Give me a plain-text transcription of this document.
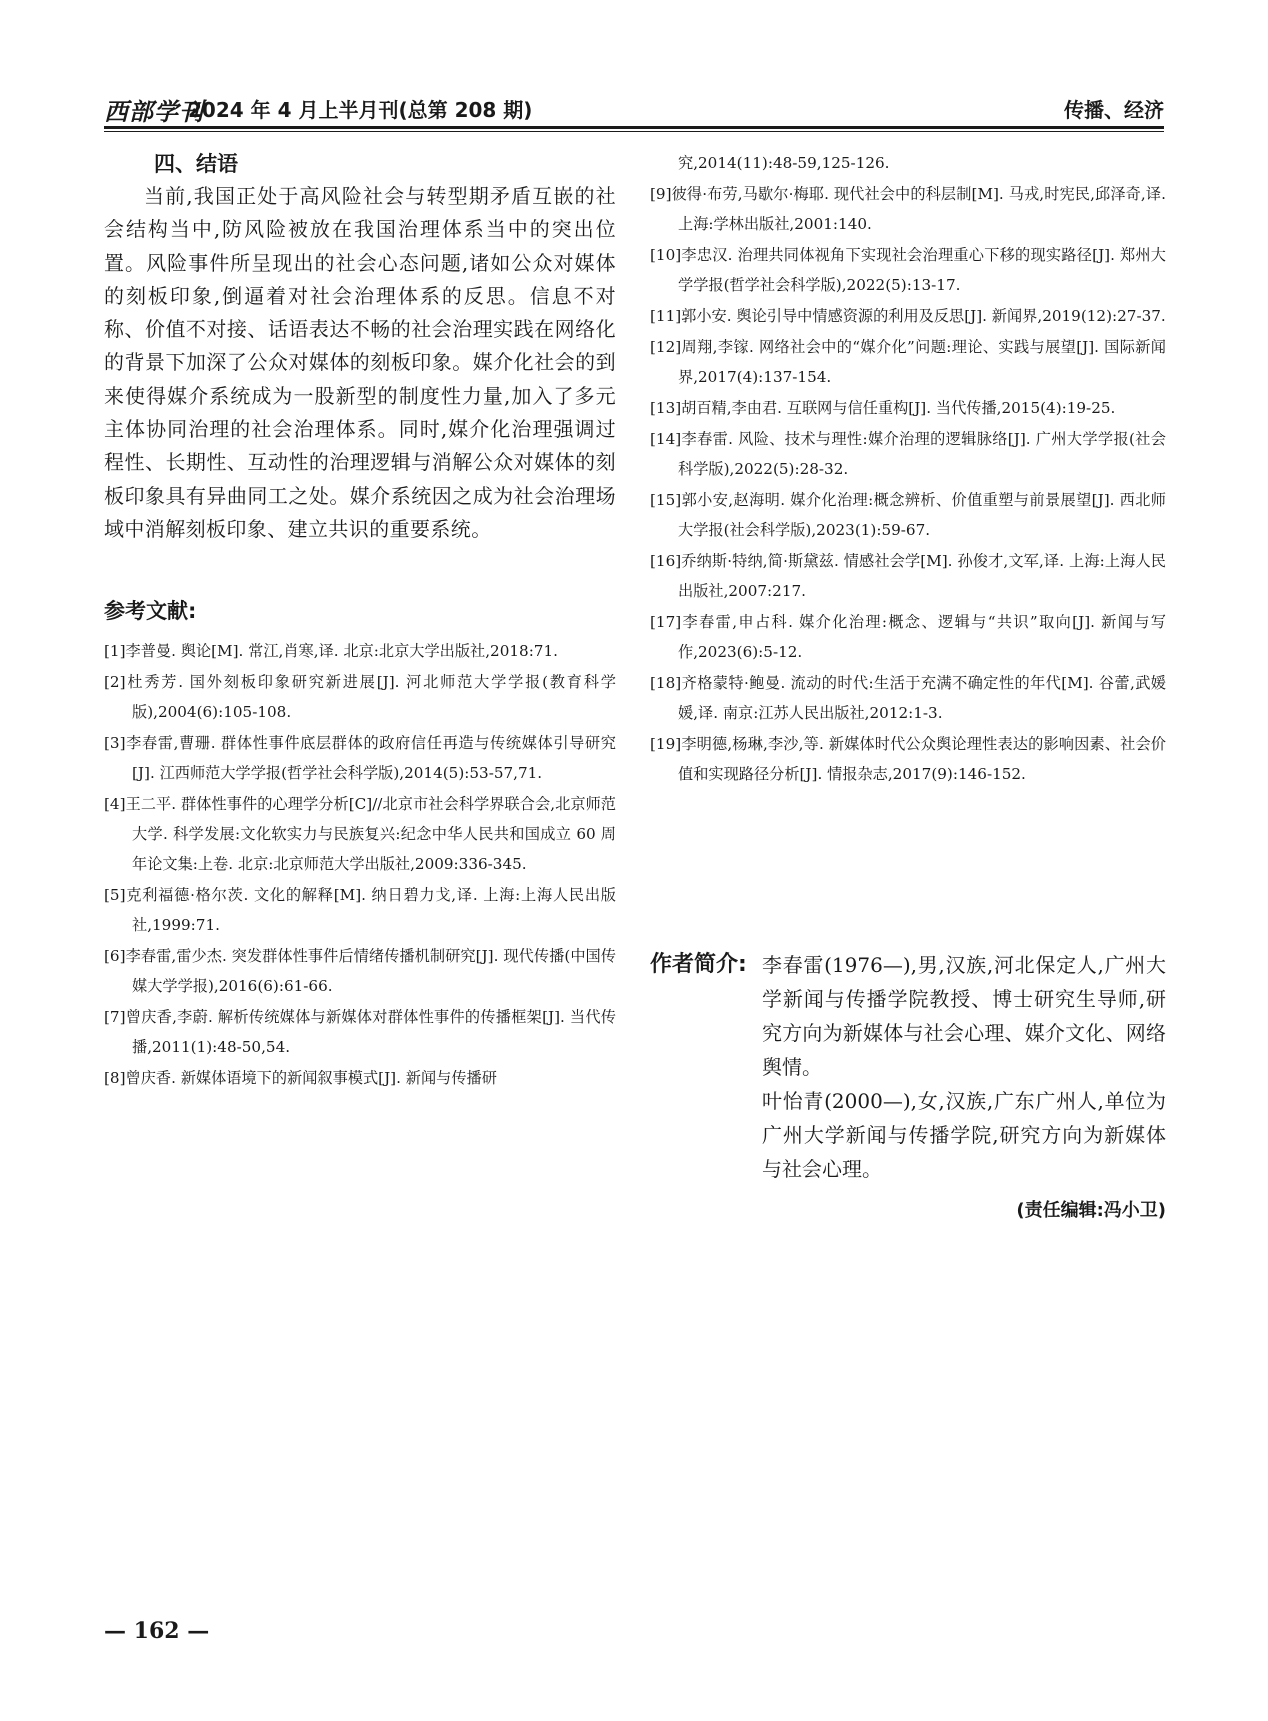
西部学刊
2024 年 4 月上半月刊(总第 208 期)	传播、经济
四、结语

当前,我国正处于高风险社会与转型期矛盾互嵌的社会结构当中,防风险被放在我国治理体系当中的突出位置。风险事件所呈现出的社会心态问题,诸如公众对媒体的刻板印象,倒逼着对社会治理体系的反思。信息不对称、价值不对接、话语表达不畅的社会治理实践在网络化的背景下加深了公众对媒体的刻板印象。媒介化社会的到来使得媒介系统成为一股新型的制度性力量,加入了多元主体协同治理的社会治理体系。同时,媒介化治理强调过程性、长期性、互动性的治理逻辑与消解公众对媒体的刻板印象具有异曲同工之处。媒介系统因之成为社会治理场域中消解刻板印象、建立共识的重要系统。

参考文献:

[1]李普曼. 舆论[M]. 常江,肖寒,译. 北京:北京大学出版社,2018:71.

[2]杜秀芳. 国外刻板印象研究新进展[J]. 河北师范大学学报(教育科学版),2004(6):105-108.

[3]李春雷,曹珊. 群体性事件底层群体的政府信任再造与传统媒体引导研究[J]. 江西师范大学学报(哲学社会科学版),2014(5):53-57,71.

[4]王二平. 群体性事件的心理学分析[C]//北京市社会科学界联合会,北京师范大学. 科学发展:文化软实力与民族复兴:纪念中华人民共和国成立 60 周年论文集:上卷. 北京:北京师范大学出版社,2009:336-345.

[5]克利福德·格尔茨. 文化的解释[M]. 纳日碧力戈,译. 上海:上海人民出版社,1999:71.

[6]李春雷,雷少杰. 突发群体性事件后情绪传播机制研究[J]. 现代传播(中国传媒大学学报),2016(6):61-66.

[7]曾庆香,李蔚. 解析传统媒体与新媒体对群体性事件的传播框架[J]. 当代传播,2011(1):48-50,54.

[8]曾庆香. 新媒体语境下的新闻叙事模式[J]. 新闻与传播研

究,2014(11):48-59,125-126.

[9]彼得·布劳,马歇尔·梅耶. 现代社会中的科层制[M]. 马戎,时宪民,邱泽奇,译. 上海:学林出版社,2001:140.

[10]李忠汉. 治理共同体视角下实现社会治理重心下移的现实路径[J]. 郑州大学学报(哲学社会科学版),2022(5):13-17.

[11]郭小安. 舆论引导中情感资源的利用及反思[J]. 新闻界,2019(12):27-37.

[12]周翔,李镓. 网络社会中的“媒介化”问题:理论、实践与展望[J]. 国际新闻界,2017(4):137-154.

[13]胡百精,李由君. 互联网与信任重构[J]. 当代传播,2015(4):19-25.

[14]李春雷. 风险、技术与理性:媒介治理的逻辑脉络[J]. 广州大学学报(社会科学版),2022(5):28-32.

[15]郭小安,赵海明. 媒介化治理:概念辨析、价值重塑与前景展望[J]. 西北师大学报(社会科学版),2023(1):59-67.

[16]乔纳斯·特纳,简·斯黛兹. 情感社会学[M]. 孙俊才,文军,译. 上海:上海人民出版社,2007:217.

[17]李春雷,申占科. 媒介化治理:概念、逻辑与“共识”取向[J]. 新闻与写作,2023(6):5-12.

[18]齐格蒙特·鲍曼. 流动的时代:生活于充满不确定性的年代[M]. 谷蕾,武媛媛,译. 南京:江苏人民出版社,2012:1-3.

[19]李明德,杨琳,李沙,等. 新媒体时代公众舆论理性表达的影响因素、社会价值和实现路径分析[J]. 情报杂志,2017(9):146-152.

作者简介: 李春雷(1976—),男,汉族,河北保定人,广州大学新闻与传播学院教授、博士研究生导师,研究方向为新媒体与社会心理、媒介文化、网络舆情。

叶怡青(2000—),女,汉族,广东广州人,单位为广州大学新闻与传播学院,研究方向为新媒体与社会心理。

(责任编辑:冯小卫)
— 162 —
